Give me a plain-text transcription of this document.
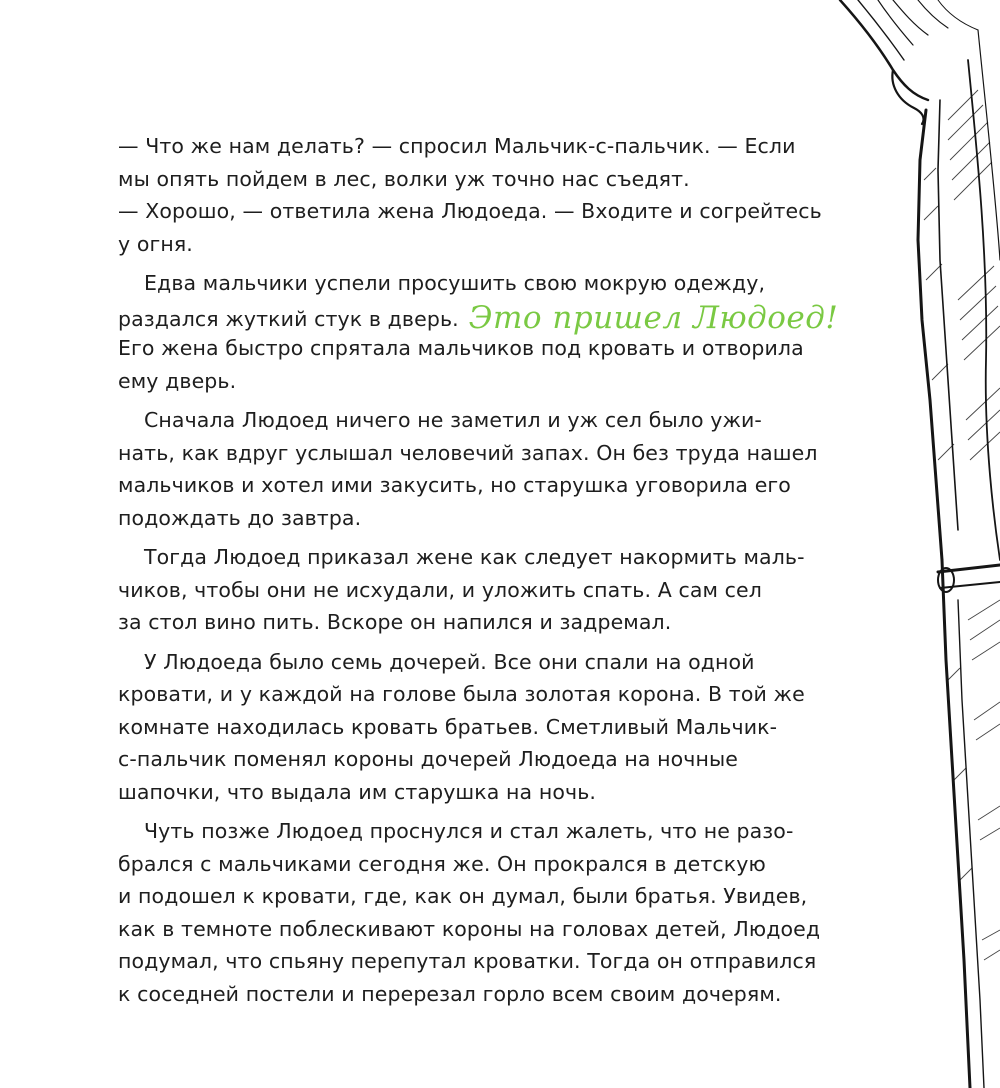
— Что же нам делать? — спросил Мальчик-с-пальчик. — Если
мы опять пойдем в лес, волки уж точно нас съедят.
— Хорошо, — ответила жена Людоеда. — Входите и согрейтесь
у огня.
Едва мальчики успели просушить свою мокрую одежду,
раздался жуткий стук в дверь. Это пришел Людоед!
Его жена быстро спрятала мальчиков под кровать и отворила
ему дверь.
Сначала Людоед ничего не заметил и уж сел было ужи-
нать, как вдруг услышал человечий запах. Он без труда нашел
мальчиков и хотел ими закусить, но старушка уговорила его
подождать до завтра.
Тогда Людоед приказал жене как следует накормить маль-
чиков, чтобы они не исхудали, и уложить спать. А сам сел
за стол вино пить. Вскоре он напился и задремал.
У Людоеда было семь дочерей. Все они спали на одной
кровати, и у каждой на голове была золотая корона. В той же
комнате находилась кровать братьев. Сметливый Мальчик-
с-пальчик поменял короны дочерей Людоеда на ночные
шапочки, что выдала им старушка на ночь.
Чуть позже Людоед проснулся и стал жалеть, что не разо-
брался с мальчиками сегодня же. Он прокрался в детскую
и подошел к кровати, где, как он думал, были братья. Увидев,
как в темноте поблескивают короны на головах детей, Людоед
подумал, что спьяну перепутал кроватки. Тогда он отправился
к соседней постели и перерезал горло всем своим дочерям.
